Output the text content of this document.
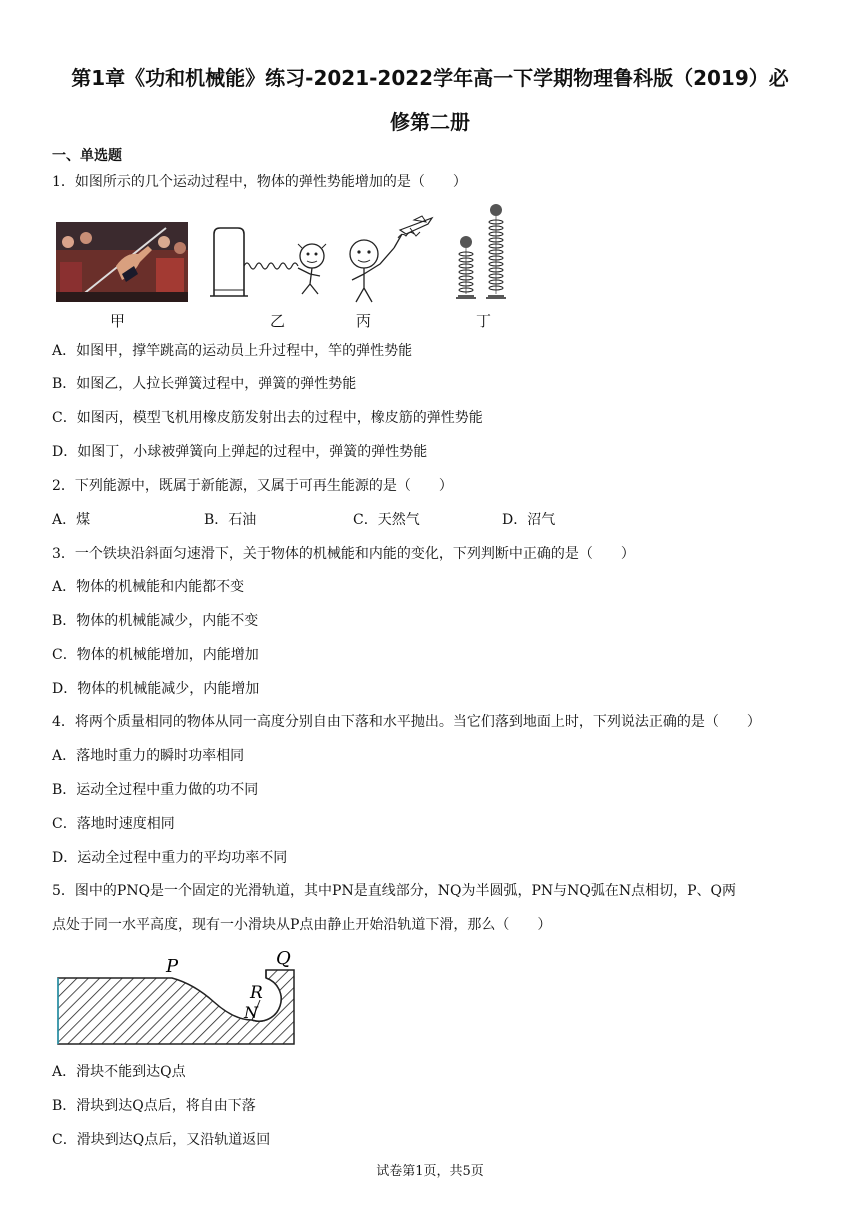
第1章《功和机械能》练习-2021-2022学年高一下学期物理鲁科版（2019）必
修第二册
一、单选题
1．如图所示的几个运动过程中，物体的弹性势能增加的是（　　）
甲	乙	丙	丁
A．如图甲，撑竿跳高的运动员上升过程中，竿的弹性势能
B．如图乙，人拉长弹簧过程中，弹簧的弹性势能
C．如图丙，模型飞机用橡皮筋发射出去的过程中，橡皮筋的弹性势能
D．如图丁，小球被弹簧向上弹起的过程中，弹簧的弹性势能
2．下列能源中，既属于新能源，又属于可再生能源的是（　　）
A．煤	B．石油	C．天然气	D．沼气
3．一个铁块沿斜面匀速滑下，关于物体的机械能和内能的变化，下列判断中正确的是（　　）
A．物体的机械能和内能都不变
B．物体的机械能减少，内能不变
C．物体的机械能增加，内能增加
D．物体的机械能减少，内能增加
4．将两个质量相同的物体从同一高度分别自由下落和水平抛出。当它们落到地面上时，下列说法正确的是（　　）
A．落地时重力的瞬时功率相同
B．运动全过程中重力做的功不同
C．落地时速度相同
D．运动全过程中重力的平均功率不同
5．图中的PNQ是一个固定的光滑轨道，其中PN是直线部分，NQ为半圆弧，PN与NQ弧在N点相切，P、Q两
点处于同一水平高度，现有一小滑块从P点由静止开始沿轨道下滑，那么（　　）
P	Q
R
N
A．滑块不能到达Q点
B．滑块到达Q点后，将自由下落
C．滑块到达Q点后，又沿轨道返回
试卷第1页，共5页
